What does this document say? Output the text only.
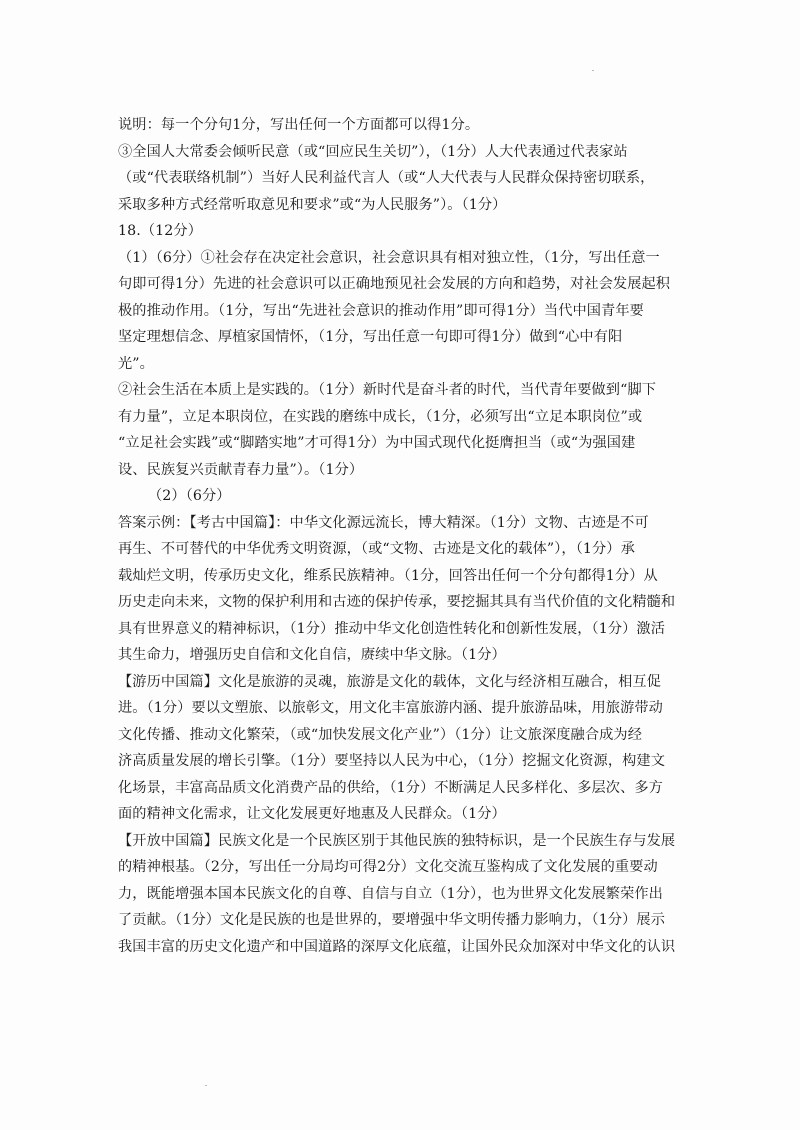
说明：每一个分句1分，写出任何一个方面都可以得1分。
③全国人大常委会倾听民意（或“回应民生关切”），（1分）人大代表通过代表家站
（或“代表联络机制”）当好人民利益代言人（或“人大代表与人民群众保持密切联系，
采取多种方式经常听取意见和要求”或“为人民服务”）。（1分）
18.（12分）
（1）（6分）①社会存在决定社会意识，社会意识具有相对独立性，（1分，写出任意一
句即可得1分）先进的社会意识可以正确地预见社会发展的方向和趋势，对社会发展起积
极的推动作用。（1分，写出“先进社会意识的推动作用”即可得1分）当代中国青年要
坚定理想信念、厚植家国情怀，（1分，写出任意一句即可得1分）做到“心中有阳
光”。
②社会生活在本质上是实践的。（1分）新时代是奋斗者的时代，当代青年要做到“脚下
有力量”，立足本职岗位，在实践的磨练中成长，（1分，必须写出“立足本职岗位”或
“立足社会实践”或“脚踏实地”才可得1分）为中国式现代化挺膺担当（或“为强国建
设、民族复兴贡献青春力量”）。（1分）
（2）（6分）
答案示例：【考古中国篇】：中华文化源远流长，博大精深。（1分）文物、古迹是不可
再生、不可替代的中华优秀文明资源，（或“文物、古迹是文化的载体”），（1分）承
载灿烂文明，传承历史文化，维系民族精神。（1分，回答出任何一个分句都得1分）从
历史走向未来，文物的保护利用和古迹的保护传承，要挖掘其具有当代价值的文化精髓和
具有世界意义的精神标识，（1分）推动中华文化创造性转化和创新性发展，（1分）激活
其生命力，增强历史自信和文化自信，赓续中华文脉。（1分）
【游历中国篇】文化是旅游的灵魂，旅游是文化的载体，文化与经济相互融合，相互促
进。（1分）要以文塑旅、以旅彰文，用文化丰富旅游内涵、提升旅游品味，用旅游带动
文化传播、推动文化繁荣，（或“加快发展文化产业”）（1分）让文旅深度融合成为经
济高质量发展的增长引擎。（1分）要坚持以人民为中心，（1分）挖掘文化资源，构建文
化场景，丰富高品质文化消费产品的供给，（1分）不断满足人民多样化、多层次、多方
面的精神文化需求，让文化发展更好地惠及人民群众。（1分）
【开放中国篇】民族文化是一个民族区别于其他民族的独特标识，是一个民族生存与发展
的精神根基。（2分，写出任一分局均可得2分）文化交流互鉴构成了文化发展的重要动
力，既能增强本国本民族文化的自尊、自信与自立（1分），也为世界文化发展繁荣作出
了贡献。（1分）文化是民族的也是世界的，要增强中华文明传播力影响力，（1分）展示
我国丰富的历史文化遗产和中国道路的深厚文化底蕴，让国外民众加深对中华文化的认识
